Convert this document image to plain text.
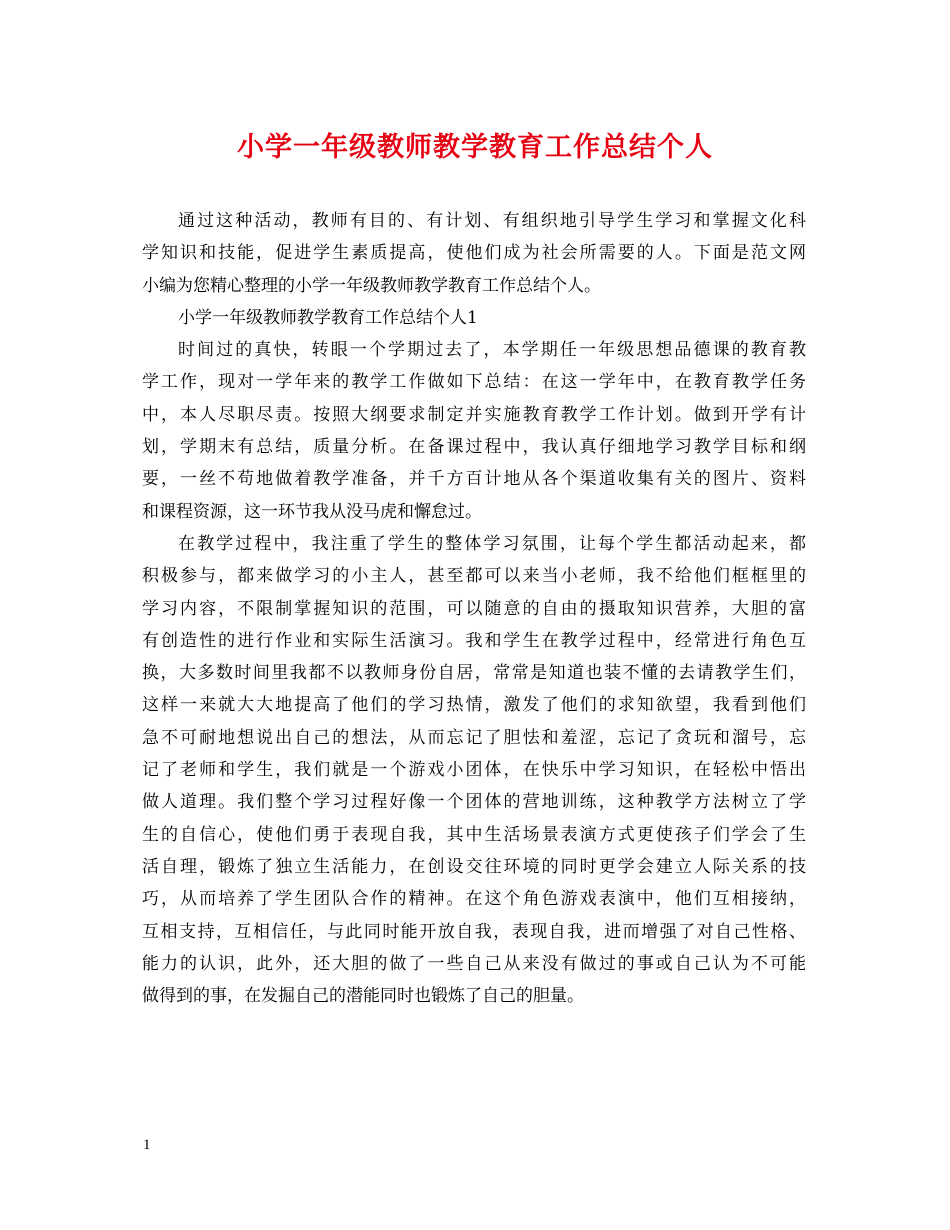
小学一年级教师教学教育工作总结个人
通过这种活动，教师有目的、有计划、有组织地引导学生学习和掌握文化科
学知识和技能，促进学生素质提高，使他们成为社会所需要的人。下面是范文网
小编为您精心整理的小学一年级教师教学教育工作总结个人。
小学一年级教师教学教育工作总结个人1
时间过的真快，转眼一个学期过去了，本学期任一年级思想品德课的教育教
学工作，现对一学年来的教学工作做如下总结：在这一学年中，在教育教学任务
中，本人尽职尽责。按照大纲要求制定并实施教育教学工作计划。做到开学有计
划，学期末有总结，质量分析。在备课过程中，我认真仔细地学习教学目标和纲
要，一丝不苟地做着教学准备，并千方百计地从各个渠道收集有关的图片、资料
和课程资源，这一环节我从没马虎和懈怠过。
在教学过程中，我注重了学生的整体学习氛围，让每个学生都活动起来，都
积极参与，都来做学习的小主人，甚至都可以来当小老师，我不给他们框框里的
学习内容，不限制掌握知识的范围，可以随意的自由的摄取知识营养，大胆的富
有创造性的进行作业和实际生活演习。我和学生在教学过程中，经常进行角色互
换，大多数时间里我都不以教师身份自居，常常是知道也装不懂的去请教学生们，
这样一来就大大地提高了他们的学习热情，激发了他们的求知欲望，我看到他们
急不可耐地想说出自己的想法，从而忘记了胆怯和羞涩，忘记了贪玩和溜号，忘
记了老师和学生，我们就是一个游戏小团体，在快乐中学习知识，在轻松中悟出
做人道理。我们整个学习过程好像一个团体的营地训练，这种教学方法树立了学
生的自信心，使他们勇于表现自我，其中生活场景表演方式更使孩子们学会了生
活自理，锻炼了独立生活能力，在创设交往环境的同时更学会建立人际关系的技
巧，从而培养了学生团队合作的精神。在这个角色游戏表演中，他们互相接纳，
互相支持，互相信任，与此同时能开放自我，表现自我，进而增强了对自己性格、
能力的认识，此外，还大胆的做了一些自己从来没有做过的事或自己认为不可能
做得到的事，在发掘自己的潜能同时也锻炼了自己的胆量。
1
